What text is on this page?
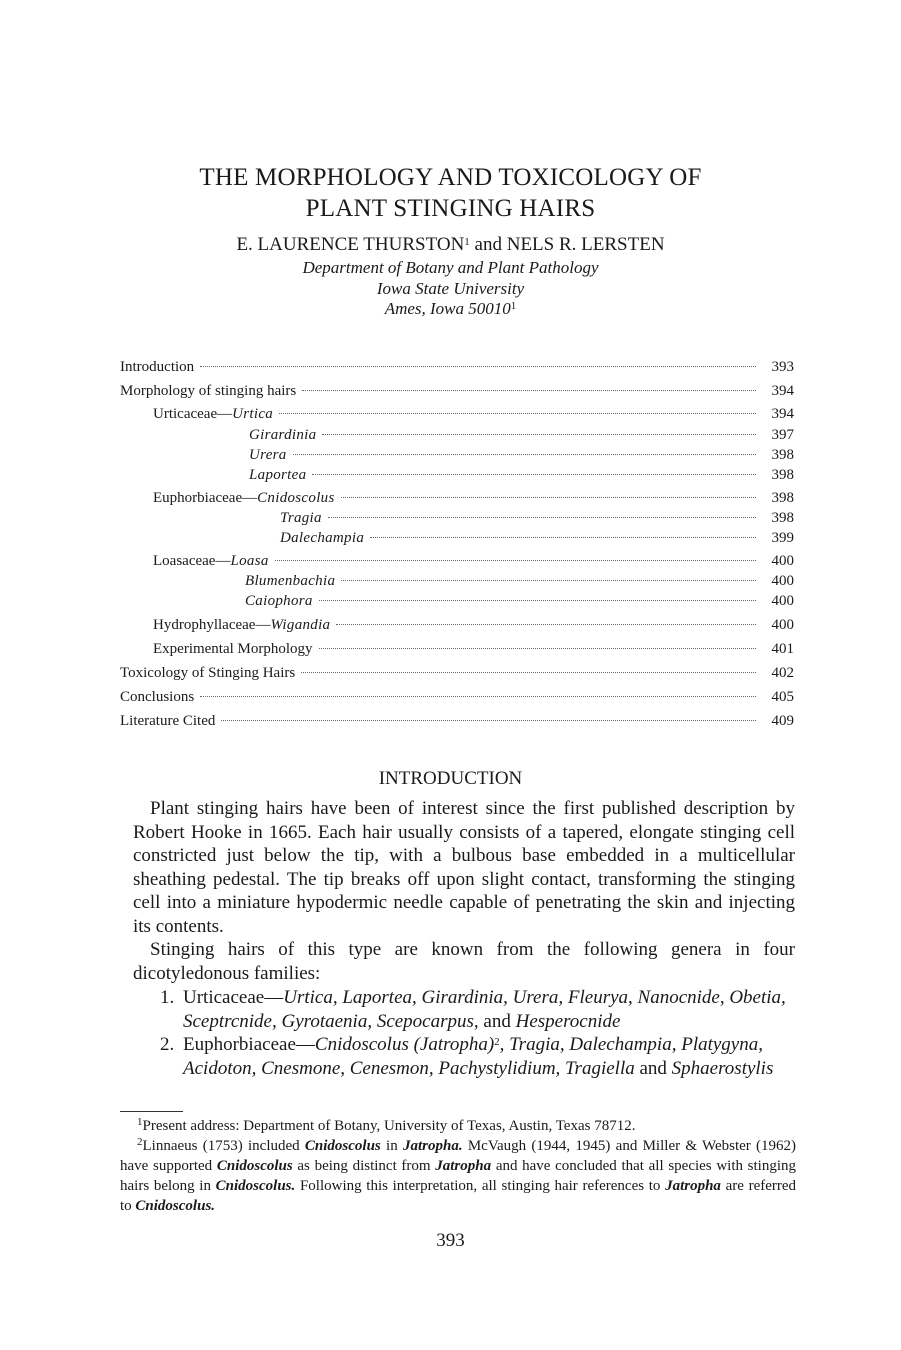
THE MORPHOLOGY AND TOXICOLOGY OF
PLANT STINGING HAIRS
E. LAURENCE THURSTON$^1$ and NELS R. LERSTEN
Department of Botany and Plant Pathology
Iowa State University
Ames, Iowa 50010$^1$
Introduction	393
Morphology of stinging hairs	394
Urticaceae—Urtica	394
Girardinia	397
Urera	398
Laportea	398
Euphorbiaceae—Cnidoscolus	398
Tragia	398
Dalechampia	399
Loasaceae—Loasa	400
Blumenbachia	400
Caiophora	400
Hydrophyllaceae—Wigandia	400
Experimental Morphology	401
Toxicology of Stinging Hairs	402
Conclusions	405
Literature Cited	409
INTRODUCTION
Plant stinging hairs have been of interest since the first published description by Robert Hooke in 1665. Each hair usually consists of a tapered, elongate stinging cell constricted just below the tip, with a bulbous base embedded in a multicellular sheathing pedestal. The tip breaks off upon slight contact, transforming the stinging cell into a miniature hypodermic needle capable of penetrating the skin and injecting its contents.
Stinging hairs of this type are known from the following genera in four dicotyledonous families:
1. Urticaceae—Urtica, Laportea, Girardinia, Urera, Fleurya, Nanocnide, Obetia, Sceptrcnide, Gyrotaenia, Scepocarpus, and Hesperocnide
2. Euphorbiaceae—Cnidoscolus (Jatropha)$^2$, Tragia, Dalechampia, Platygyna, Acidoton, Cnesmone, Cenesmon, Pachystylidium, Tragiella and Sphaerostylis
$^1$Present address: Department of Botany, University of Texas, Austin, Texas 78712.
$^2$Linnaeus (1753) included Cnidoscolus in Jatropha. McVaugh (1944, 1945) and Miller & Webster (1962) have supported Cnidoscolus as being distinct from Jatropha and have concluded that all species with stinging hairs belong in Cnidoscolus. Following this interpretation, all stinging hair references to Jatropha are referred to Cnidoscolus.
393
